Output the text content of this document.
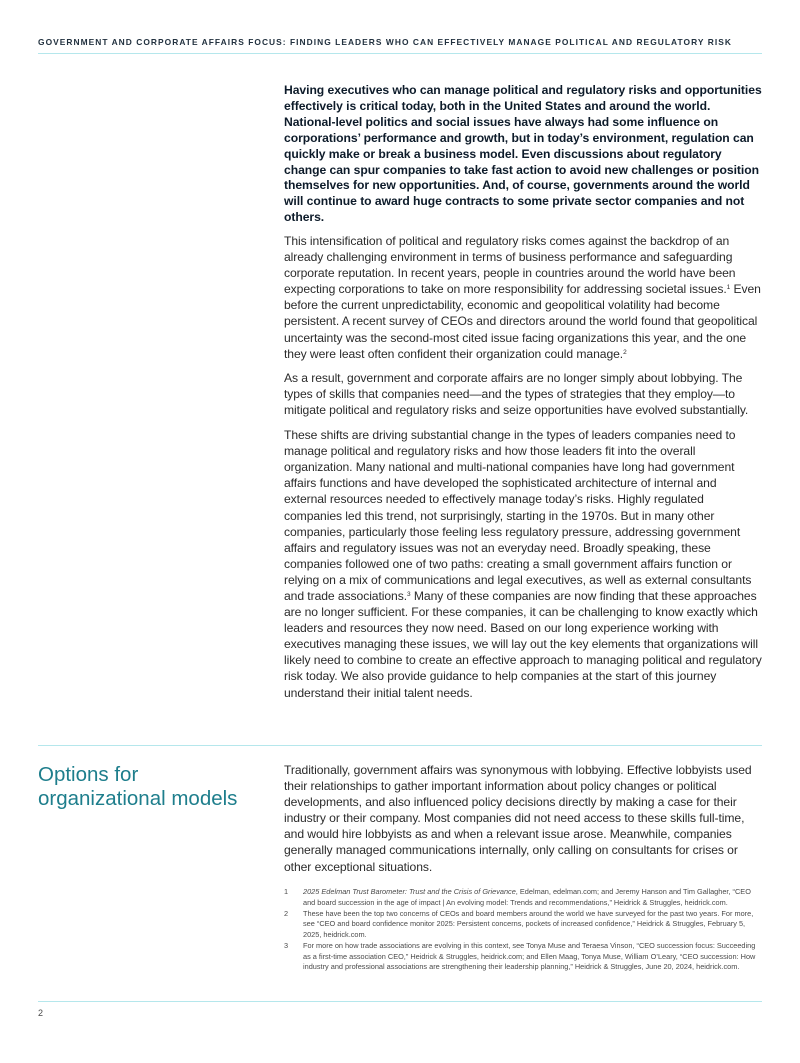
GOVERNMENT AND CORPORATE AFFAIRS FOCUS: FINDING LEADERS WHO CAN EFFECTIVELY MANAGE POLITICAL AND REGULATORY RISK

Having executives who can manage political and regulatory risks and opportunities effectively is critical today, both in the United States and around the world. National-level politics and social issues have always had some influence on corporations’ performance and growth, but in today’s environment, regulation can quickly make or break a business model. Even discussions about regulatory change can spur companies to take fast action to avoid new challenges or position themselves for new opportunities. And, of course, governments around the world will continue to award huge contracts to some private sector companies and not others.

This intensification of political and regulatory risks comes against the backdrop of an already challenging environment in terms of business performance and safeguarding corporate reputation. In recent years, people in countries around the world have been expecting corporations to take on more responsibility for addressing societal issues.$^1$ Even before the current unpredictability, economic and geopolitical volatility had become persistent. A recent survey of CEOs and directors around the world found that geopolitical uncertainty was the second-most cited issue facing organizations this year, and the one they were least often confident their organization could manage.$^2$

As a result, government and corporate affairs are no longer simply about lobbying. The types of skills that companies need—and the types of strategies that they employ—to mitigate political and regulatory risks and seize opportunities have evolved substantially.

These shifts are driving substantial change in the types of leaders companies need to manage political and regulatory risks and how those leaders fit into the overall organization. Many national and multi-national companies have long had government affairs functions and have developed the sophisticated architecture of internal and external resources needed to effectively manage today’s risks. Highly regulated companies led this trend, not surprisingly, starting in the 1970s. But in many other companies, particularly those feeling less regulatory pressure, addressing government affairs and regulatory issues was not an everyday need. Broadly speaking, these companies followed one of two paths: creating a small government affairs function or relying on a mix of communications and legal executives, as well as external consultants and trade associations.$^3$ Many of these companies are now finding that these approaches are no longer sufficient. For these companies, it can be challenging to know exactly which leaders and resources they now need. Based on our long experience working with executives managing these issues, we will lay out the key elements that organizations will likely need to combine to create an effective approach to managing political and regulatory risk today. We also provide guidance to help companies at the start of this journey understand their initial talent needs.

Options for organizational models

Traditionally, government affairs was synonymous with lobbying. Effective lobbyists used their relationships to gather important information about policy changes or political developments, and also influenced policy decisions directly by making a case for their industry or their company. Most companies did not need access to these skills full-time, and would hire lobbyists as and when a relevant issue arose. Meanwhile, companies generally managed communications internally, only calling on consultants for crises or other exceptional situations.

1 2025 Edelman Trust Barometer: Trust and the Crisis of Grievance, Edelman, edelman.com; and Jeremy Hanson and Tim Gallagher, “CEO and board succession in the age of impact | An evolving model: Trends and recommendations,” Heidrick & Struggles, heidrick.com.
2 These have been the top two concerns of CEOs and board members around the world we have surveyed for the past two years. For more, see “CEO and board confidence monitor 2025: Persistent concerns, pockets of increased confidence,” Heidrick & Struggles, February 5, 2025, heidrick.com.
3 For more on how trade associations are evolving in this context, see Tonya Muse and Teraesa Vinson, “CEO succession focus: Succeeding as a first-time association CEO,” Heidrick & Struggles, heidrick.com; and Ellen Maag, Tonya Muse, William O’Leary, “CEO succession: How industry and professional associations are strengthening their leadership planning,” Heidrick & Struggles, June 20, 2024, heidrick.com.
2
